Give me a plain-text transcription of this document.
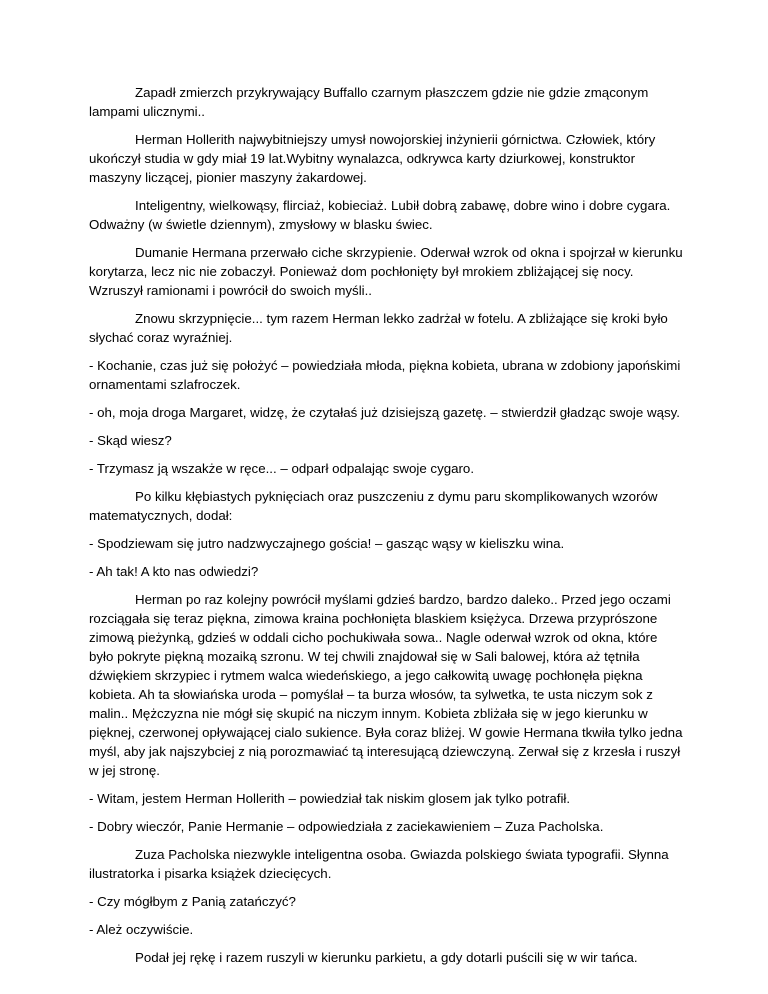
Zapadł zmierzch przykrywający Buffallo czarnym płaszczem gdzie nie gdzie zmąconym lampami ulicznymi..

Herman Hollerith najwybitniejszy umysł nowojorskiej inżynierii górnictwa. Człowiek, który ukończył studia w gdy miał 19 lat.Wybitny wynalazca, odkrywca karty dziurkowej, konstruktor maszyny liczącej, pionier maszyny żakardowej.

Inteligentny, wielkowąsy, flirciaż, kobieciaż. Lubił dobrą zabawę, dobre wino i dobre cygara. Odważny (w świetle dziennym), zmysłowy w blasku świec.

Dumanie Hermana przerwało ciche skrzypienie. Oderwał wzrok od okna i spojrzał w kierunku korytarza, lecz nic nie zobaczył. Ponieważ dom pochłonięty był mrokiem zbliżającej się nocy. Wzruszył ramionami i powrócił do swoich myśli..

Znowu skrzypnięcie... tym razem Herman lekko zadrżał w fotelu. A zbliżające się kroki było słychać coraz wyraźniej.

- Kochanie, czas już się położyć – powiedziała młoda, piękna kobieta, ubrana w zdobiony japońskimi ornamentami szlafroczek.

- oh, moja droga Margaret, widzę, że czytałaś już dzisiejszą gazetę. – stwierdził gładząc swoje wąsy.

- Skąd wiesz?

- Trzymasz ją wszakże w ręce... – odparł odpalając swoje cygaro.

Po kilku kłębiastych pyknięciach oraz puszczeniu z dymu paru skomplikowanych wzorów matematycznych, dodał:

- Spodziewam się jutro nadzwyczajnego gościa! – gasząc wąsy w kieliszku wina.

- Ah tak! A kto nas odwiedzi?

Herman po raz kolejny powrócił myślami gdzieś bardzo, bardzo daleko.. Przed jego oczami rozciągała się teraz piękna, zimowa kraina pochłonięta blaskiem księżyca. Drzewa przyprószone zimową pieżynką, gdzieś w oddali cicho pochukiwała sowa.. Nagle oderwał wzrok od okna, które było pokryte piękną mozaiką szronu. W tej chwili znajdował się w Sali balowej, która aż tętniła dźwiękiem skrzypiec i rytmem walca wiedeńskiego, a jego całkowitą uwagę pochłonęła piękna kobieta. Ah ta słowiańska uroda – pomyślał – ta burza włosów, ta sylwetka, te usta niczym sok z malin.. Mężczyzna nie mógł się skupić na niczym innym. Kobieta zbliżała się w jego kierunku w pięknej, czerwonej opływającej cialo sukience. Była coraz bliżej. W gowie Hermana tkwiła tylko jedna myśl, aby jak najszybciej z nią porozmawiać tą interesującą dziewczyną. Zerwał się z krzesła i ruszył w jej stronę.

- Witam, jestem Herman Hollerith – powiedział tak niskim glosem jak tylko potrafił.

- Dobry wieczór, Panie Hermanie – odpowiedziała z zaciekawieniem – Zuza Pacholska.

Zuza Pacholska niezwykle inteligentna osoba. Gwiazda polskiego świata typografii. Słynna ilustratorka i pisarka książek dziecięcych.

- Czy mógłbym z Panią zatańczyć?

- Ależ oczywiście.

Podał jej rękę i razem ruszyli w kierunku parkietu, a gdy dotarli puścili się w wir tańca.
